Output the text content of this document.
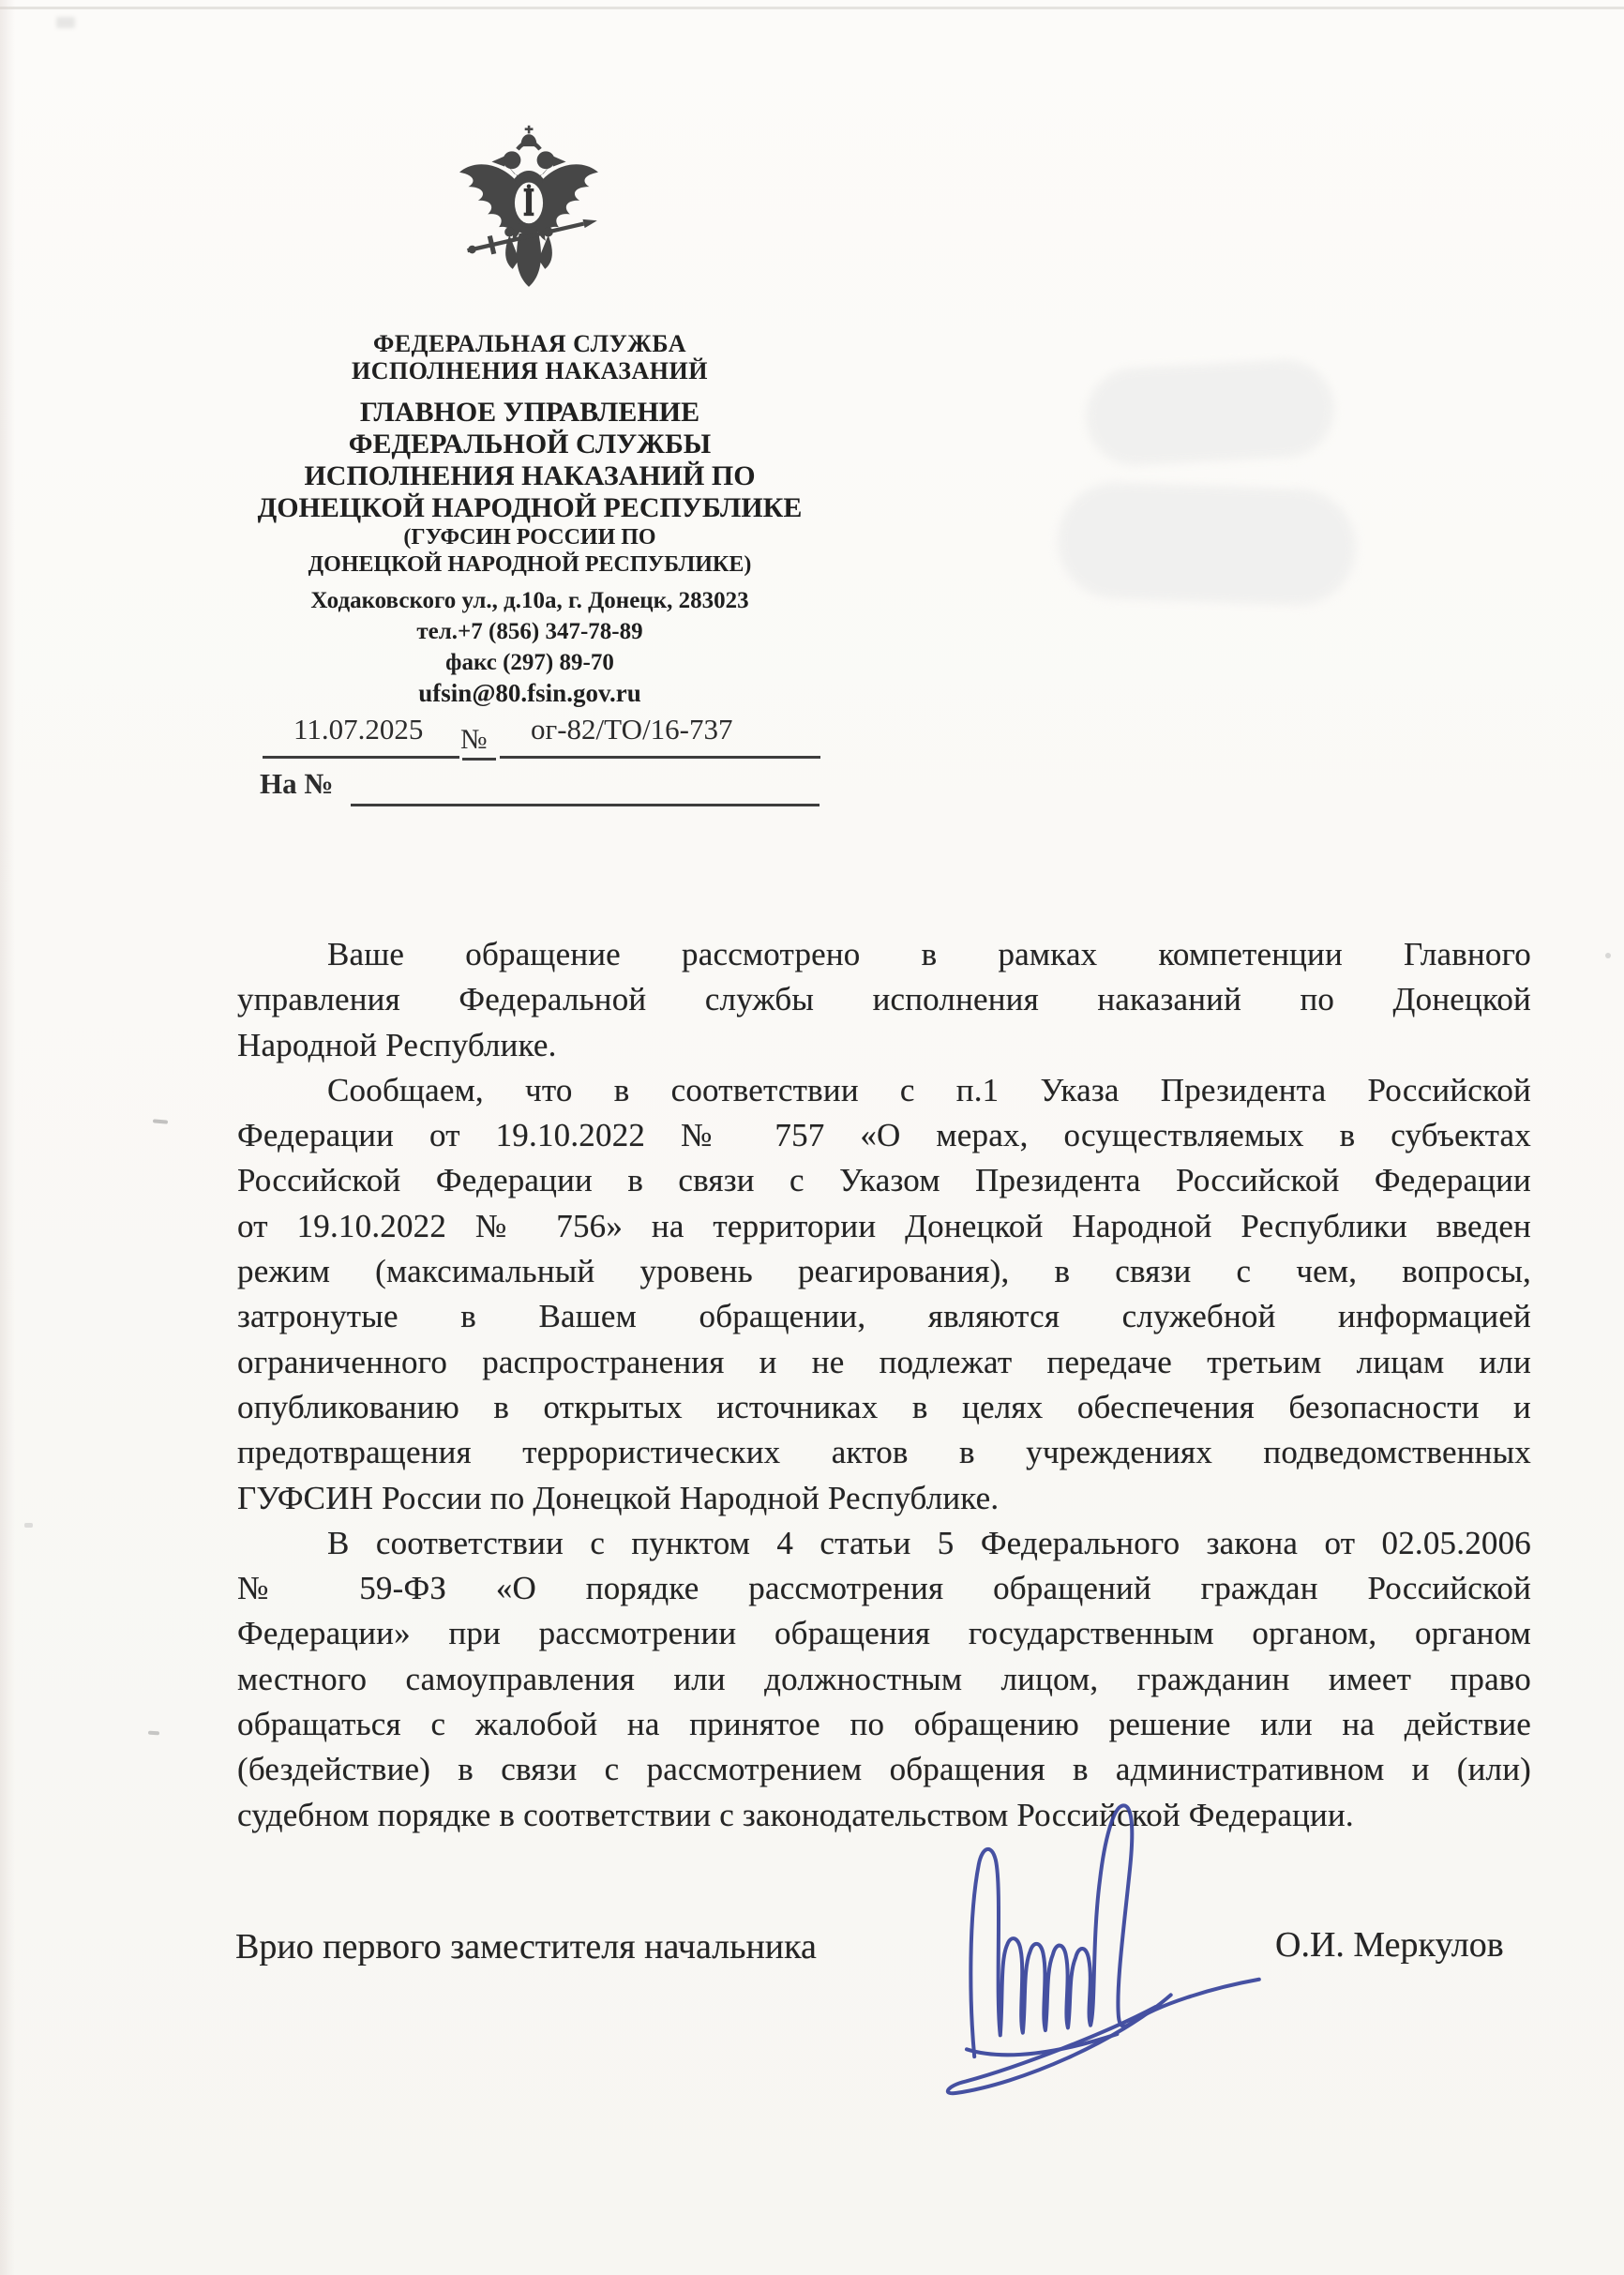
ФЕДЕРАЛЬНАЯ СЛУЖБА
ИСПОЛНЕНИЯ НАКАЗАНИЙ
ГЛАВНОЕ УПРАВЛЕНИЕ
ФЕДЕРАЛЬНОЙ СЛУЖБЫ
ИСПОЛНЕНИЯ НАКАЗАНИЙ ПО
ДОНЕЦКОЙ НАРОДНОЙ РЕСПУБЛИКЕ
(ГУФСИН РОССИИ ПО
ДОНЕЦКОЙ НАРОДНОЙ РЕСПУБЛИКЕ)
Ходаковского ул., д.10а, г. Донецк, 283023
тел.+7 (856) 347-78-89
факс (297) 89-70
ufsin@80.fsin.gov.ru
11.07.2025 № ог-82/ТО/16-737
На №
Ваше обращение рассмотрено в рамках компетенции Главного
управления Федеральной службы исполнения наказаний по Донецкой
Народной Республике.
Сообщаем, что в соответствии с п.1 Указа Президента Российской
Федерации от 19.10.2022 № 757 «О мерах, осуществляемых в субъектах
Российской Федерации в связи с Указом Президента Российской Федерации
от 19.10.2022 № 756» на территории Донецкой Народной Республики введен
режим (максимальный уровень реагирования), в связи с чем, вопросы,
затронутые в Вашем обращении, являются служебной информацией
ограниченного распространения и не подлежат передаче третьим лицам или
опубликованию в открытых источниках в целях обеспечения безопасности и
предотвращения террористических актов в учреждениях подведомственных
ГУФСИН России по Донецкой Народной Республике.
В соответствии с пунктом 4 статьи 5 Федерального закона от 02.05.2006
№ 59-ФЗ «О порядке рассмотрения обращений граждан Российской
Федерации» при рассмотрении обращения государственным органом, органом
местного самоуправления или должностным лицом, гражданин имеет право
обращаться с жалобой на принятое по обращению решение или на действие
(бездействие) в связи с рассмотрением обращения в административном и (или)
судебном порядке в соответствии с законодательством Российской Федерации.
Врио первого заместителя начальника	О.И. Меркулов
